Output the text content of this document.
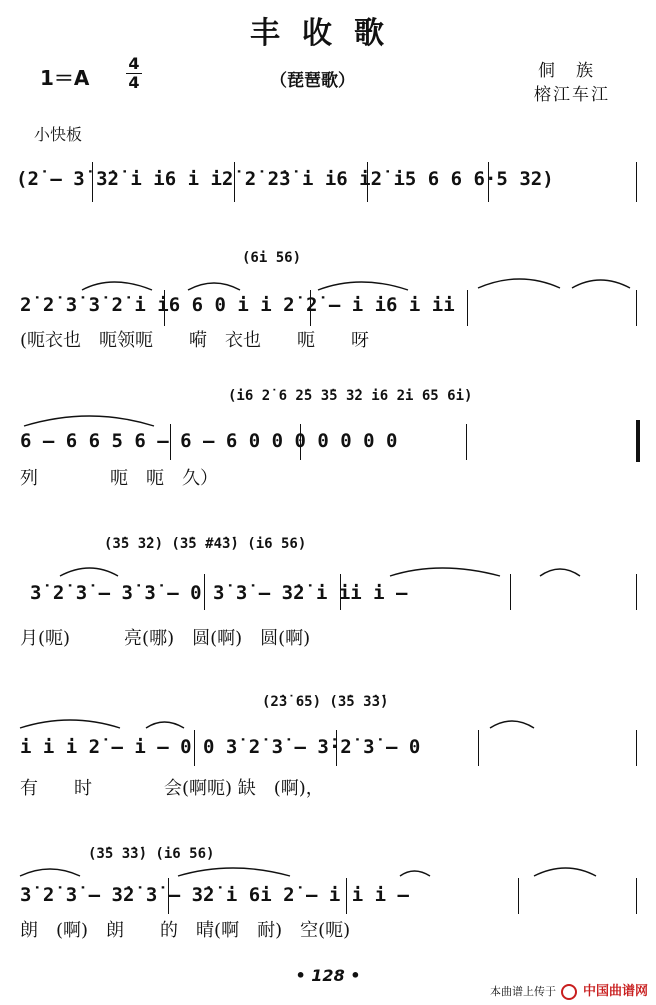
丰收歌
1＝A
4
4	（琵琶歌）	侗　族
榕江车江
小快板
(2̇ – 3̇ 3̇2̇ i i6 i i2̇ 2̇ 2̇3̇ i i6 i2̇ i5 6 6 6·5 32)
(6i 56)
2̇ 2̇ 3̇ 3̇ 2̇ i i6 6 0 i i 2̇ 2̇ – i i6 i ii
(呃衣也　呃领呃　　嗬　衣也　　呃　　呀
(i6 2̇ 6 2̇5 3̇5 3̇2 i6 2̇i 65 6i)
6 – 6 6 5 6 – 6 – 6 0 0 0 0 0 0 0
列　　　　呃　呃　久）
(3̇5 3̇2) (3̇5 #4̇3̇) (i6 56)
3̇ 2̇ 3̇ – 3̇ 3̇ – 0 3̇ 3̇ – 3̇2̇ i ii i –
月(呃)　　　亮(哪)　圆(啊)　圆(啊)
(2̇3̇ 65) (3̇5 3̇3̇)
i i i 2̇ – i – 0 0 3̇ 2̇ 3̇ – 3̇·2̇ 3̇ – 0
有　　时　　　　会(啊呃) 缺　(啊)，
(3̇5 3̇3̇) (i6 56)
3̇ 2̇ 3̇ – 3̇2̇ 3̇ – 3̇2̇ i 6i 2̇ – i i i –
朗　(啊)　朗　　的　晴(啊　耐)　空(呃)
• 128 •
本曲谱上传于 中国曲谱网
